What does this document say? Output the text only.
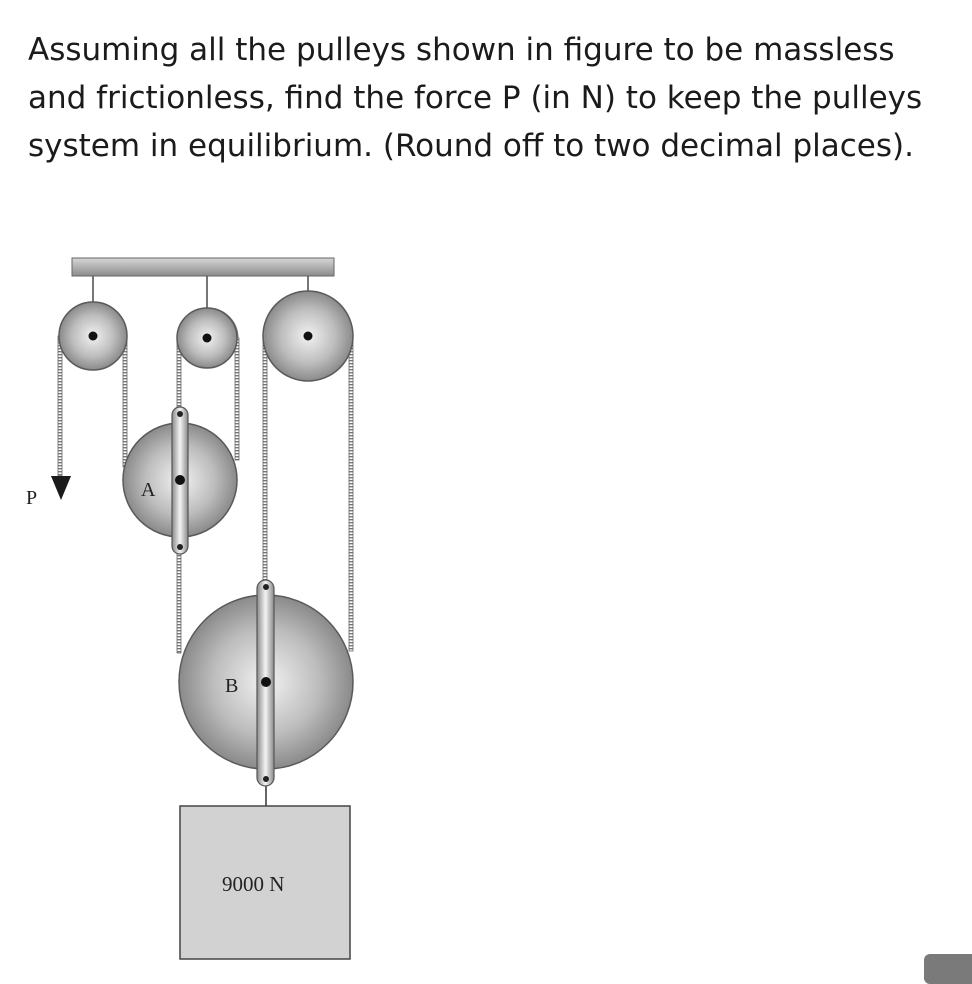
Assuming all the pulleys shown in figure to be massless and frictionless, find the force P (in N) to keep the pulleys system in equilibrium. (Round off to two decimal places).

P	A
B
9000 N
